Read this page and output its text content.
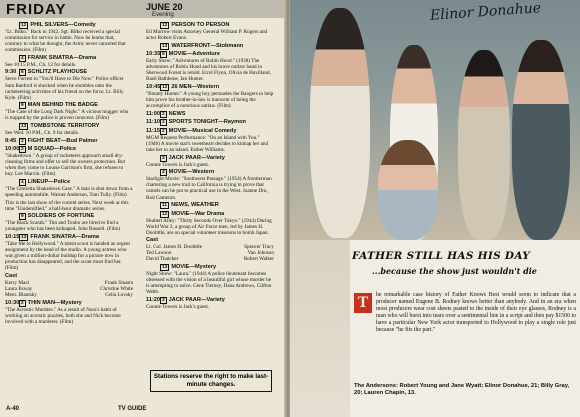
FRIDAY	JUNE 20
Evening
12 PHIL SILVERS—Comedy
"Lt. Bilko." Back in 1942, Sgt. Bilko received a special commission for service in battle. Now he learns that, contrary to what he thought, the Army never canceled that commission. (Film)
4 FRANK SINATRA—Drama
See 10:15 P.M., Ch. 13 for details.
9:30 6 SCHLITZ PLAYHOUSE
Steve Forrest in "You'll Have to Die Now." Police officer Sam Raeford is shocked when he stumbles onto the racketeering activities of his friend on the force, Lt. Billy Kyle. (Film)
9 MAN BEHIND THE BADGE
"The Case of the Long Dark Night." A vicious mugger who is trapped by the police is proven innocent. (Film)
13 TOMBSTONE TERRITORY
See Wed. 10 P.M., Ch. 9 for details.
9:45 2 FIGHT BEAT—Bud Palmer
10:00 2 M SQUAD—Police
"Shakedown." A group of racketeers approach small dry-cleaning firms and offer to sell the owners protection. But when they come to Louise Garrison's firm, she refuses to buy. Lee Marvin. (Film)
4 LINEUP—Police
"The Glorietta Shakedown Case." A man is shot down from a speeding automobile. Warner Anderson, Tom Tully. (Film)
This is the last show of the current series. Next week at this time "Unidentified," a half-hour dramatic series.
9 SOLDIERS OF FORTUNE
"The Black Scarab." Tim and Toubo are hired to find a youngster who has been kidnaped. John Russell. (Film)
10:15 13 FRANK SINATRA—Drama
"Take Me to Hollywood." A talent scout is handed an urgent assignment by the head of the studio. A young actress who was given a million-dollar buildup for a picture now in production has disappeared, and the scout must find her. (Film)
Cast
Kerry Maxi	Frank Sinatra
Laura Esway	Christine White
Mem. Blautsky	Celia Lovsky
10:30 2 THIN MAN—Mystery
"The Acrostic Murders." As a result of Nora's habit of working on acrostic puzzles, both she and Nick become involved with a murderer. (Film)
12 PERSON TO PERSON
Ed Murrow visits Attorney General William P. Rogers and actor Robert Evans.
13 WATERFRONT—Stobmann
10:35 9 MOVIE—Adventure
Early Show: "Adventures of Robin Hood." (1938) The adventures of Robin Hood and his brave outlaw band in Sherwood Forest is retold. Errol Flynn, Olivia de Havilland, Basil Rathbone, Ian Hunter.
10:45 12 26 MEN—Western
"Bounty Hunter." A young boy persuades the Rangers to help him prove his brother-in-law is innocent of being the accomplice of a notorious outlaw. (Film)
11:00 2 NEWS
11:10 2 SPORTS TONIGHT—Raymon
11:15 2 MOVIE—Musical Comedy
MGM Request Performance: "On an Island with You." (1948) A movie star's sweetheart decides to kidnap her and take her to an island. Esther Williams.
3 JACK PAAR—Variety
Connie Towers is Jack's guest.
4 MOVIE—Western
Starlight Movie: "Southwest Passage." (1954) A frontierman chartering a new trail to California is trying to prove that camels can be put to practical use in the West. Joanne Dru, Rod Cameron.
11 NEWS, WEATHER
12 MOVIE—War Drama
Shubert Alley: "Thirty Seconds Over Tokyo." (1944) During World War 2, a group of Air Force men, led by James H. Doolittle, are on special volunteer missions to bomb Japan.
Cast
Lt. Col. James H. Doolittle	Spencer Tracy
Ted Lawson	Van Johnson
David Thatcher	Robert Walker
13 MOVIE—Mystery
Night Show: "Laura." (1944) A police lieutenant becomes obsessed with the vision of a beautiful girl whose murder he is attempting to solve. Gene Tierney, Dana Andrews, Clifton Webb.
11:20 3 JACK PAAR—Variety
Connie Towers is Jack's guest.
Stations reserve the right to make last-minute changes.
A-40	TV GUIDE
Elinor Donahue
FATHER STILL HAS HIS DAY
...because the show just wouldn't die
T	he remarkable case history of Father Knows Best would seem to indicate that a producer named Eugene B. Rodney knows better than anybody. And in an era when most producers wear cost sheets pasted to the inside of their eye glasses, Rodney is a man who will burst into tears over a sentimental line in a script and then pay $1500 to have a particular New York actor transported to Hollywood to play a single role just because "he fits the part."
The Andersons: Robert Young and Jane Wyatt; Elinor Donahue, 21; Billy Gray, 20; Lauren Chapin, 13.
